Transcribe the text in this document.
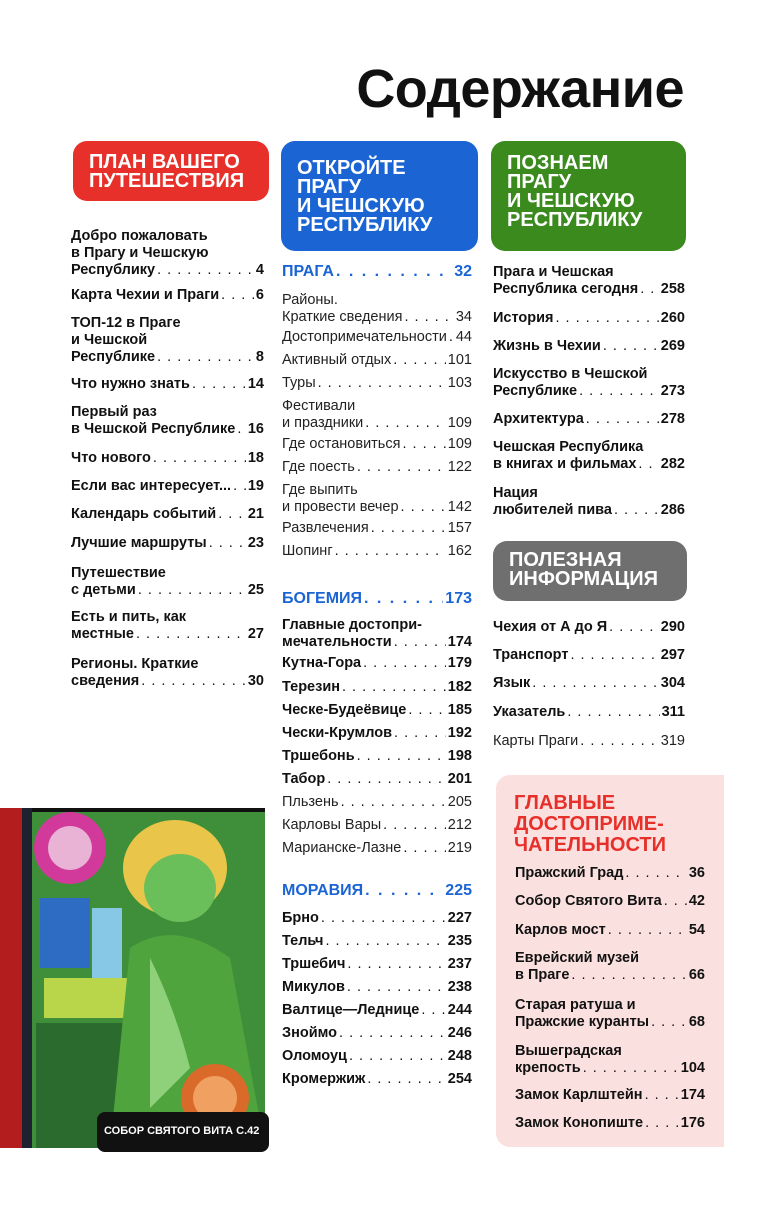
Содержание
ПЛАН ВАШЕГО
ПУТЕШЕСТВИЯ
ОТКРОЙТЕ
ПРАГУ
И ЧЕШСКУЮ
РЕСПУБЛИКУ
ПОЗНАЕМ
ПРАГУ
И ЧЕШСКУЮ
РЕСПУБЛИКУ
ПОЛЕЗНАЯ
ИНФОРМАЦИЯ
Добро пожаловать
в Прагу и Чешскую
Республику . . .	4
Карта Чехии и Праги . . .	6
ТОП-12 в Праге
и Чешской
Республике . . .	8
Что нужно знать . . .	14
Первый раз
в Чешской Республике . . . 16
Что нового . . .	18
Если вас интересует... . . . 19
Календарь событий . . . 21
Лучшие маршруты . . .	23
Путешествие
с детьми . . .	25
Есть и пить, как
местные . . .	27
Регионы. Краткие
сведения . . .	30
ПРАГА . . .	32
Районы.
Краткие сведения . . .	34
Достопримечательности . . . 44
Активный отдых . . .	101
Туры . . .	103
Фестивали
и праздники . . .	109
Где остановиться . . .	109
Где поесть . . .	122
Где выпить
и провести вечер . . .	142
Развлечения . . .	157
Шопинг . . .	162
БОГЕМИЯ . . .	173
Главные достопри-
мечательности . . .	174
Кутна-Гора . . .	179
Терезин . . .	182
Ческе-Будеёвице . . .	185
Чески-Крумлов . . .	192
Тршебонь . . .	198
Табор . . .	201
Пльзень . . .	205
Карловы Вары . . .	212
Марианске-Лазне . . .	219
МОРАВИЯ . . .	225
Брно . . .	227
Тельч . . .	235
Тршебич . . .	237
Микулов . . .	238
Валтице—Леднице . . . 244
Зноймо . . .	246
Оломоуц . . .	248
Кромержиж . . .	254
Прага и Чешская
Республика сегодня . . . 258
История . . .	260
Жизнь в Чехии . . .	269
Искусство в Чешской
Республике . . .	273
Архитектура . . .	278
Чешская Республика
в книгах и фильмах . . . 282
Нация
любителей пива . . .	286
Чехия от А до Я . . .	290
Транспорт . . .	297
Язык . . .	304
Указатель . . .	311
Карты Праги . . .	319
ГЛАВНЫЕ
ДОСТОПРИМЕ-
ЧАТЕЛЬНОСТИ
Пражский Град . . .	36
Собор Святого Вита . . . 42
Карлов мост . . .	54
Еврейский музей
в Праге . . .	66
Старая ратуша и
Пражские куранты . . .	68
Вышеградская
крепость . . .	104
Замок Карлштейн . . .	174
Замок Конопиште . . .	176
СОБОР СВЯТОГО ВИТА С.42
